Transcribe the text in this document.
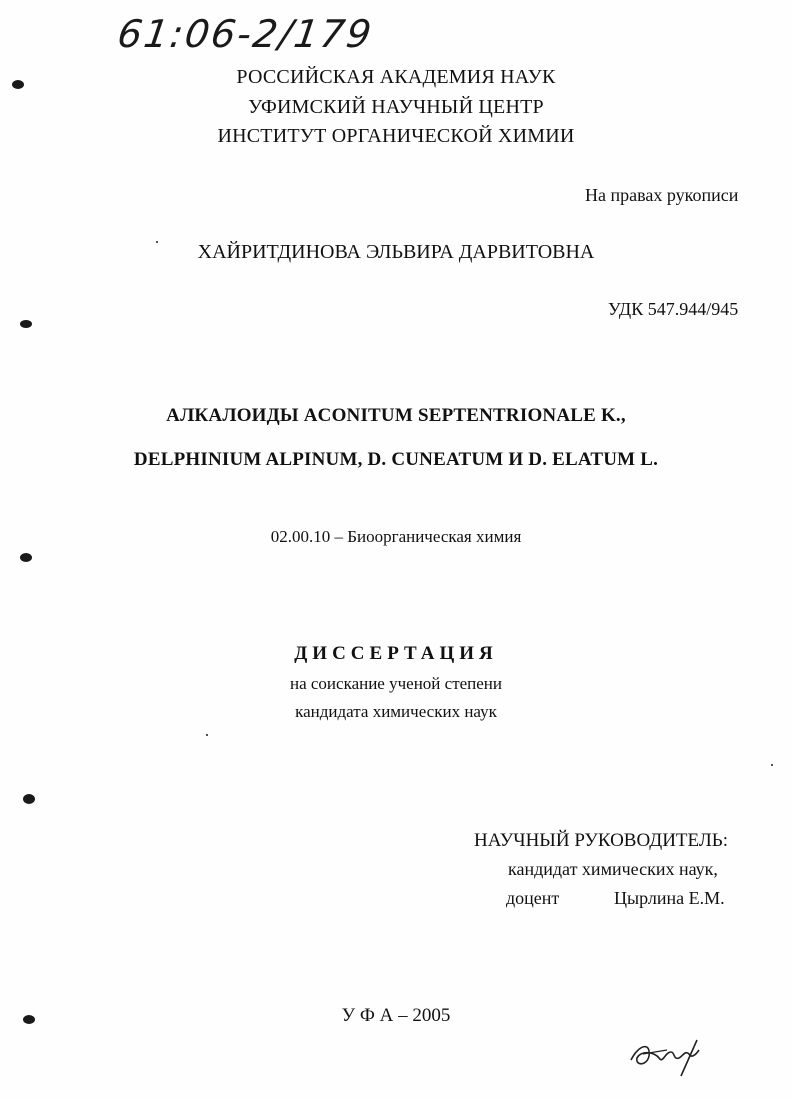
61:06-2/179
РОССИЙСКАЯ АКАДЕМИЯ НАУК
УФИМСКИЙ НАУЧНЫЙ ЦЕНТР
ИНСТИТУТ ОРГАНИЧЕСКОЙ ХИМИИ
На правах рукописи
ХАЙРИТДИНОВА ЭЛЬВИРА ДАРВИТОВНА
УДК 547.944/945
АЛКАЛОИДЫ ACONITUM SEPTENTRIONALE K.,
DELPHINIUM ALPINUM, D. CUNEATUM И D. ELATUM L.
02.00.10 – Биоорганическая химия
ДИССЕРТАЦИЯ
на соискание ученой степени
кандидата химических наук
НАУЧНЫЙ РУКОВОДИТЕЛЬ:
кандидат химических наук,
доцент	Цырлина Е.М.
У Ф А – 2005
